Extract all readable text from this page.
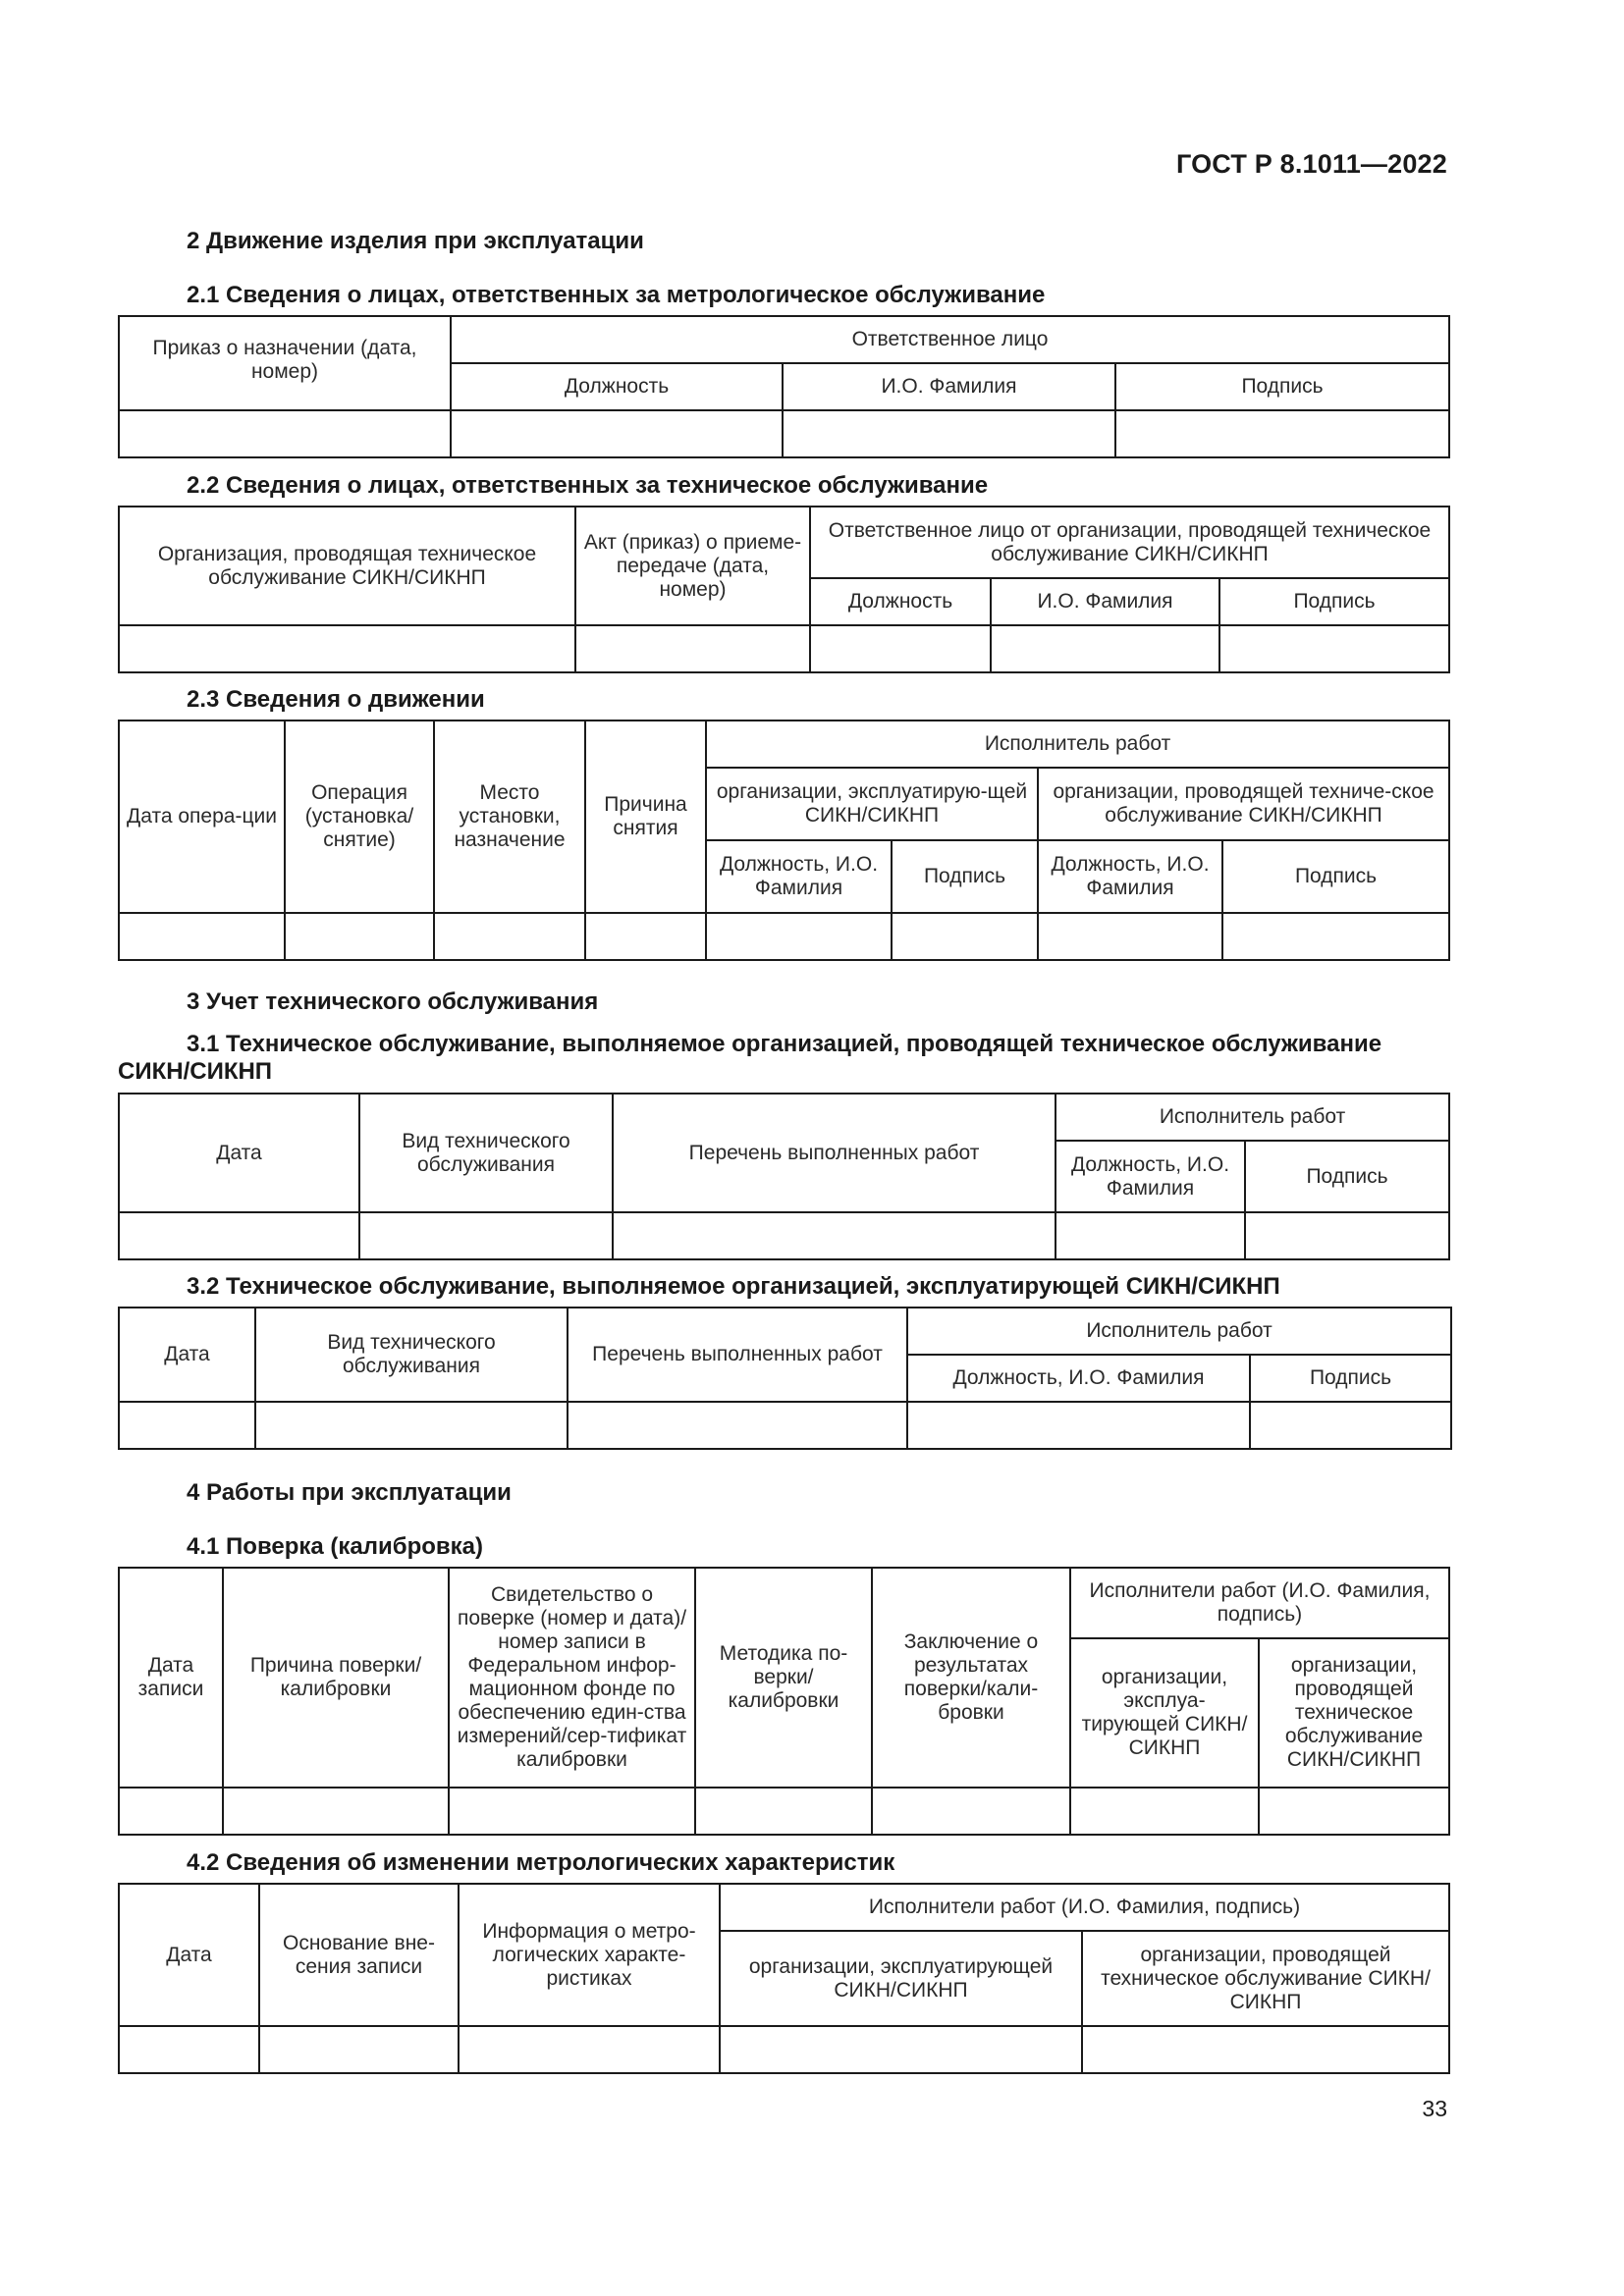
ГОСТ Р 8.1011—2022
2 Движение изделия при эксплуатации
2.1 Сведения о лицах, ответственных за метрологическое обслуживание
Приказ о назначении (дата, номер)	Ответственное лицо		
	Должность	И.О. Фамилия	Подпись

2.2 Сведения о лицах, ответственных за техническое обслуживание
Организация, проводящая техническое обслуживание СИКН/СИКНП	Акт (приказ) о приеме-передаче (дата, номер)	Ответственное лицо от организации, проводящей техническое обслуживание СИКН/СИКНП		
		Должность	И.О. Фамилия	Подпись

2.3 Сведения о движении
Дата опера-ции	Операция (установка/снятие)	Место установки, назначение	Причина снятия	Исполнитель работ			
				организации, эксплуатирую-щей СИКН/СИКНП		организации, проводящей техниче-ское обслуживание СИКН/СИКНП	
				Должность, И.О. Фамилия	Подпись	Должность, И.О. Фамилия	Подпись

3 Учет технического обслуживания
3.1 Техническое обслуживание, выполняемое организацией, проводящей техническое обслуживание СИКН/СИКНП
Дата	Вид технического обслуживания	Перечень выполненных работ	Исполнитель работ	
			Должность, И.О. Фамилия	Подпись

3.2 Техническое обслуживание, выполняемое организацией, эксплуатирующей СИКН/СИКНП
Дата	Вид технического обслуживания	Перечень выполненных работ	Исполнитель работ	
			Должность, И.О. Фамилия	Подпись

4 Работы при эксплуатации
4.1 Поверка (калибровка)
Дата записи	Причина поверки/калибровки	Свидетельство о поверке (номер и дата)/номер записи в Федеральном инфор-мационном фонде по обеспечению един-ства измерений/сер-тификат калибровки	Методика по-верки/калибровки	Заключение о результатах поверки/кали-бровки	Исполнители работ (И.О. Фамилия, подпись)	
					организации, эксплуа-тирующей СИКН/СИКНП	организации, проводящей техническое обслуживание СИКН/СИКНП

4.2 Сведения об изменении метрологических характеристик
Дата	Основание вне-сения записи	Информация о метро-логических характе-ристиках	Исполнители работ (И.О. Фамилия, подпись)	
			организации, эксплуатирующей СИКН/СИКНП	организации, проводящей техническое обслуживание СИКН/СИКНП

33
